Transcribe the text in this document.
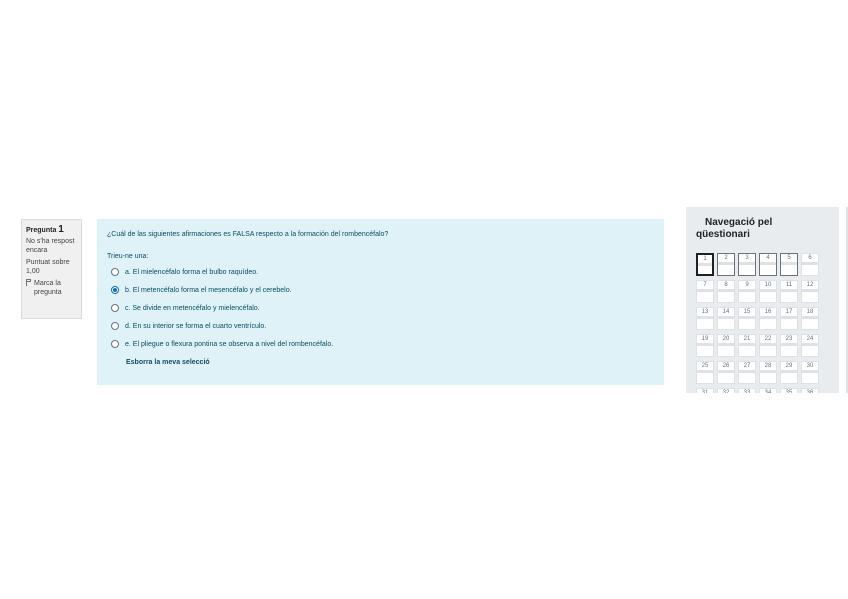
Pregunta 1
No s'ha respost encara
Puntuat sobre 1,00
Marca la pregunta
¿Cuál de las siguientes afirmaciones es FALSA respecto a la formación del rombencéfalo?
Trieu-ne una:
a. El mielencéfalo forma el bulbo raquídeo.
b. El metencéfalo forma el mesencéfalo y el cerebelo.
c. Se divide en metencéfalo y mielencéfalo.
d. En su interior se forma el cuarto ventrículo.
e. El pliegue o flexura pontina se observa a nivel del rombencéfalo.
Esborra la meva selecció
Navegació pel
qüestionari
1	2	3	4	5	6
7	8	9	10	11	12
13	14	15	16	17	18
19	20	21	22	23	24
25	26	27	28	29	30
31	32	33	34	35	36
